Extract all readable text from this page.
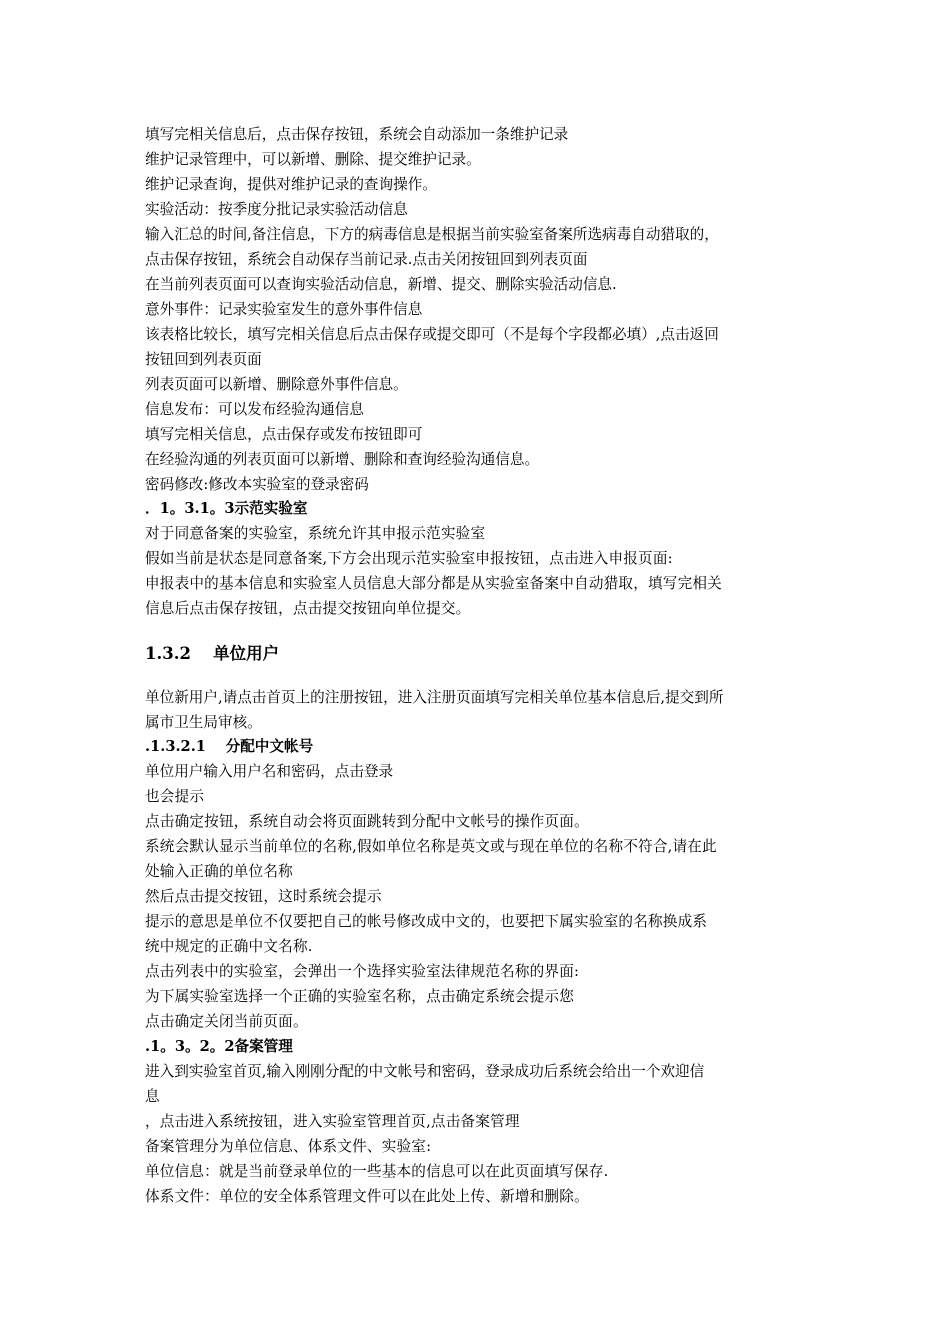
填写完相关信息后，点击保存按钮，系统会自动添加一条维护记录
维护记录管理中，可以新增、删除、提交维护记录。
维护记录查询，提供对维护记录的查询操作。
实验活动：按季度分批记录实验活动信息
输入汇总的时间,备注信息，下方的病毒信息是根据当前实验室备案所选病毒自动猎取的，
点击保存按钮，系统会自动保存当前记录.点击关闭按钮回到列表页面
在当前列表页面可以查询实验活动信息，新增、提交、删除实验活动信息.
意外事件：记录实验室发生的意外事件信息
该表格比较长，填写完相关信息后点击保存或提交即可（不是每个字段都必填）,点击返回
按钮回到列表页面
列表页面可以新增、删除意外事件信息。
信息发布：可以发布经验沟通信息
填写完相关信息，点击保存或发布按钮即可
在经验沟通的列表页面可以新增、删除和查询经验沟通信息。
密码修改:修改本实验室的登录密码
．1。3.1。3示范实验室
对于同意备案的实验室，系统允许其申报示范实验室
假如当前是状态是同意备案,下方会出现示范实验室申报按钮，点击进入申报页面:
申报表中的基本信息和实验室人员信息大部分都是从实验室备案中自动猎取，填写完相关
信息后点击保存按钮，点击提交按钮向单位提交。
1.3.2　 单位用户
单位新用户,请点击首页上的注册按钮，进入注册页面填写完相关单位基本信息后,提交到所
属市卫生局审核。
.1.3.2.1　 分配中文帐号
单位用户输入用户名和密码，点击登录
也会提示
点击确定按钮，系统自动会将页面跳转到分配中文帐号的操作页面。
系统会默认显示当前单位的名称,假如单位名称是英文或与现在单位的名称不符合,请在此
处输入正确的单位名称
然后点击提交按钮，这时系统会提示
提示的意思是单位不仅要把自己的帐号修改成中文的，也要把下属实验室的名称换成系
统中规定的正确中文名称.
点击列表中的实验室，会弹出一个选择实验室法律规范名称的界面:
为下属实验室选择一个正确的实验室名称，点击确定系统会提示您
点击确定关闭当前页面。
.1。3。2。2备案管理
进入到实验室首页,输入刚刚分配的中文帐号和密码，登录成功后系统会给出一个欢迎信
息
，点击进入系统按钮，进入实验室管理首页,点击备案管理
备案管理分为单位信息、体系文件、实验室:
单位信息：就是当前登录单位的一些基本的信息可以在此页面填写保存.
体系文件：单位的安全体系管理文件可以在此处上传、新增和删除。
